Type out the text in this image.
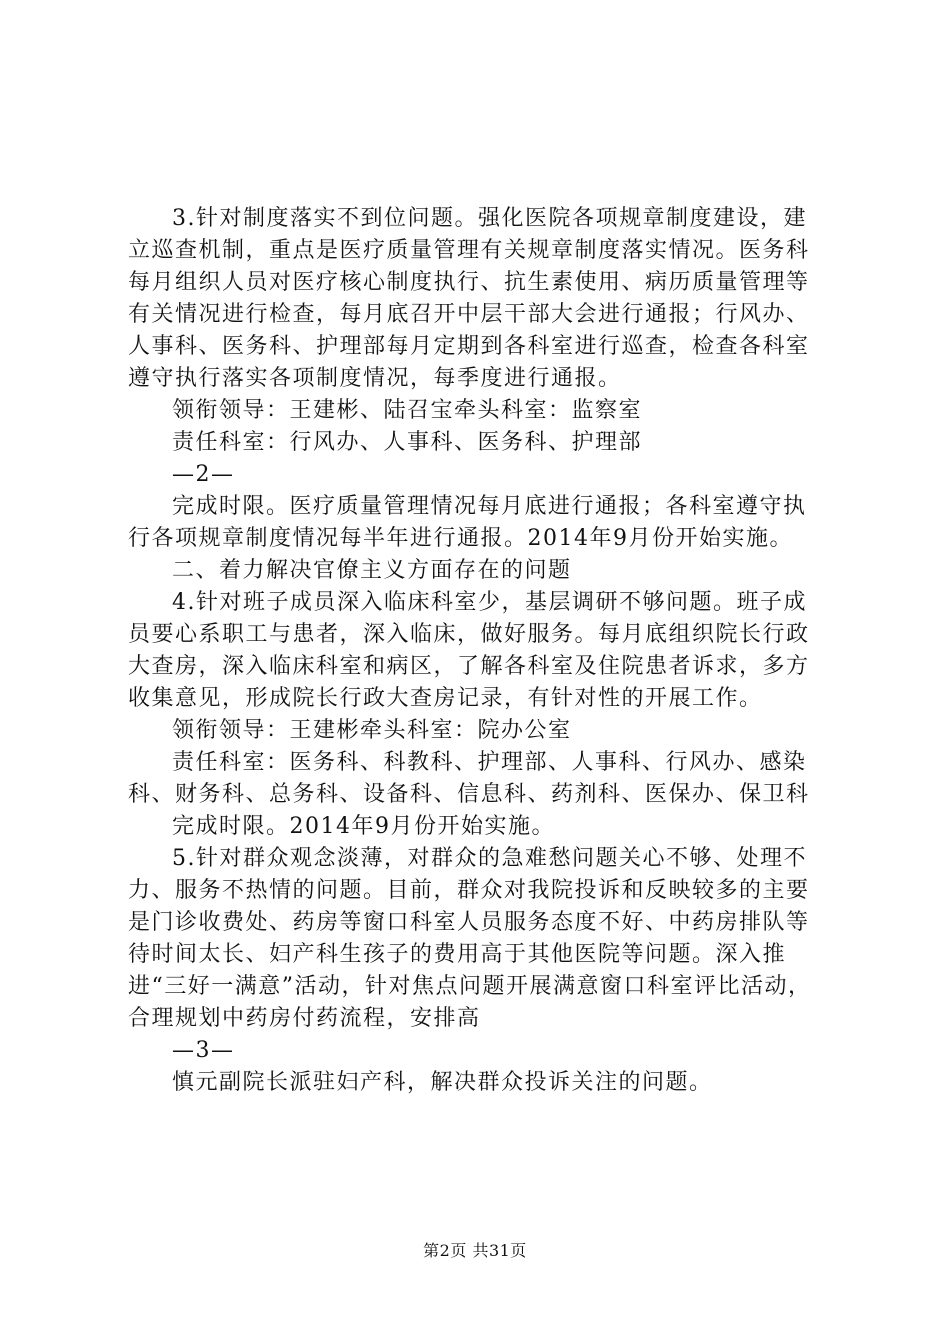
3.针对制度落实不到位问题。强化医院各项规章制度建设，建立巡查机制，重点是医疗质量管理有关规章制度落实情况。医务科每月组织人员对医疗核心制度执行、抗生素使用、病历质量管理等有关情况进行检查，每月底召开中层干部大会进行通报；行风办、人事科、医务科、护理部每月定期到各科室进行巡查，检查各科室遵守执行落实各项制度情况，每季度进行通报。

领衔领导：王建彬、陆召宝牵头科室：监察室

责任科室：行风办、人事科、医务科、护理部

—2—

完成时限。医疗质量管理情况每月底进行通报；各科室遵守执行各项规章制度情况每半年进行通报。2014年9月份开始实施。

二、着力解决官僚主义方面存在的问题

4.针对班子成员深入临床科室少，基层调研不够问题。班子成员要心系职工与患者，深入临床，做好服务。每月底组织院长行政大查房，深入临床科室和病区，了解各科室及住院患者诉求，多方收集意见，形成院长行政大查房记录，有针对性的开展工作。

领衔领导：王建彬牵头科室：院办公室

责任科室：医务科、科教科、护理部、人事科、行风办、感染科、财务科、总务科、设备科、信息科、药剂科、医保办、保卫科

完成时限。2014年9月份开始实施。

5.针对群众观念淡薄，对群众的急难愁问题关心不够、处理不力、服务不热情的问题。目前，群众对我院投诉和反映较多的主要是门诊收费处、药房等窗口科室人员服务态度不好、中药房排队等待时间太长、妇产科生孩子的费用高于其他医院等问题。深入推进“三好一满意”活动，针对焦点问题开展满意窗口科室评比活动，合理规划中药房付药流程，安排高

—3—

慎元副院长派驻妇产科，解决群众投诉关注的问题。

第2页 共31页
